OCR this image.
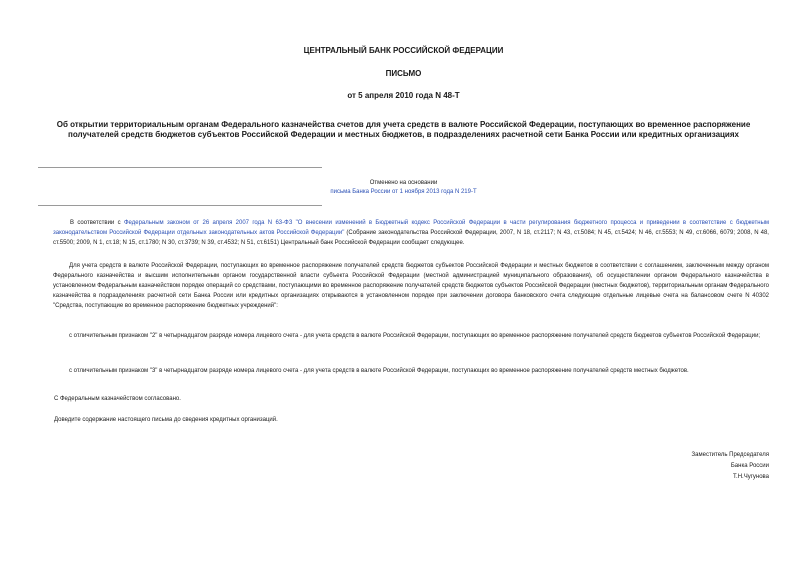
ЦЕНТРАЛЬНЫЙ БАНК РОССИЙСКОЙ ФЕДЕРАЦИИ
ПИСЬМО
от 5 апреля 2010 года N 48-Т
Об открытии территориальным органам Федерального казначейства счетов для учета средств в валюте Российской Федерации, поступающих во временное распоряжение получателей средств бюджетов субъектов Российской Федерации и местных бюджетов, в подразделениях расчетной сети Банка России или кредитных организациях
Отменено на основании
письма Банка России от 1 ноября 2013 года N 219-Т

В соответствии с Федеральным законом от 26 апреля 2007 года N 63-ФЗ "О внесении изменений в Бюджетный кодекс Российской Федерации в части регулирования бюджетного процесса и приведении в соответствие с бюджетным законодательством Российской Федерации отдельных законодательных актов Российской Федерации" (Собрание законодательства Российской Федерации, 2007, N 18, ст.2117; N 43, ст.5084; N 45, ст.5424; N 46, ст.5553; N 49, ст.6066, 6079; 2008, N 48, ст.5500; 2009, N 1, ст.18; N 15, ст.1780; N 30, ст.3739; N 39, ст.4532; N 51, ст.6151) Центральный банк Российской Федерации сообщает следующее.

Для учета средств в валюте Российской Федерации, поступающих во временное распоряжение получателей средств бюджетов субъектов Российской Федерации и местных бюджетов в соответствии с соглашением, заключенным между органом Федерального казначейства и высшим исполнительным органом государственной власти субъекта Российской Федерации (местной администрацией муниципального образования), об осуществлении органом Федерального казначейства в установленном Федеральным казначейством порядке операций со средствами, поступающими во временное распоряжение получателей средств бюджетов субъектов Российской Федерации (местных бюджетов), территориальным органам Федерального казначейства в подразделениях расчетной сети Банка России или кредитных организациях открываются в установленном порядке при заключении договора банковского счета следующие отдельные лицевые счета на балансовом счете N 40302 "Средства, поступающие во временное распоряжение бюджетных учреждений":

с отличительным признаком "2" в четырнадцатом разряде номера лицевого счета - для учета средств в валюте Российской Федерации, поступающих во временное распоряжение получателей средств бюджетов субъектов Российской Федерации;

с отличительным признаком "3" в четырнадцатом разряде номера лицевого счета - для учета средств в валюте Российской Федерации, поступающих во временное распоряжение получателей средств местных бюджетов.

С Федеральным казначейством согласовано.

Доведите содержание настоящего письма до сведения кредитных организаций.

Заместитель Председателя
Банка России
Т.Н.Чугунова
